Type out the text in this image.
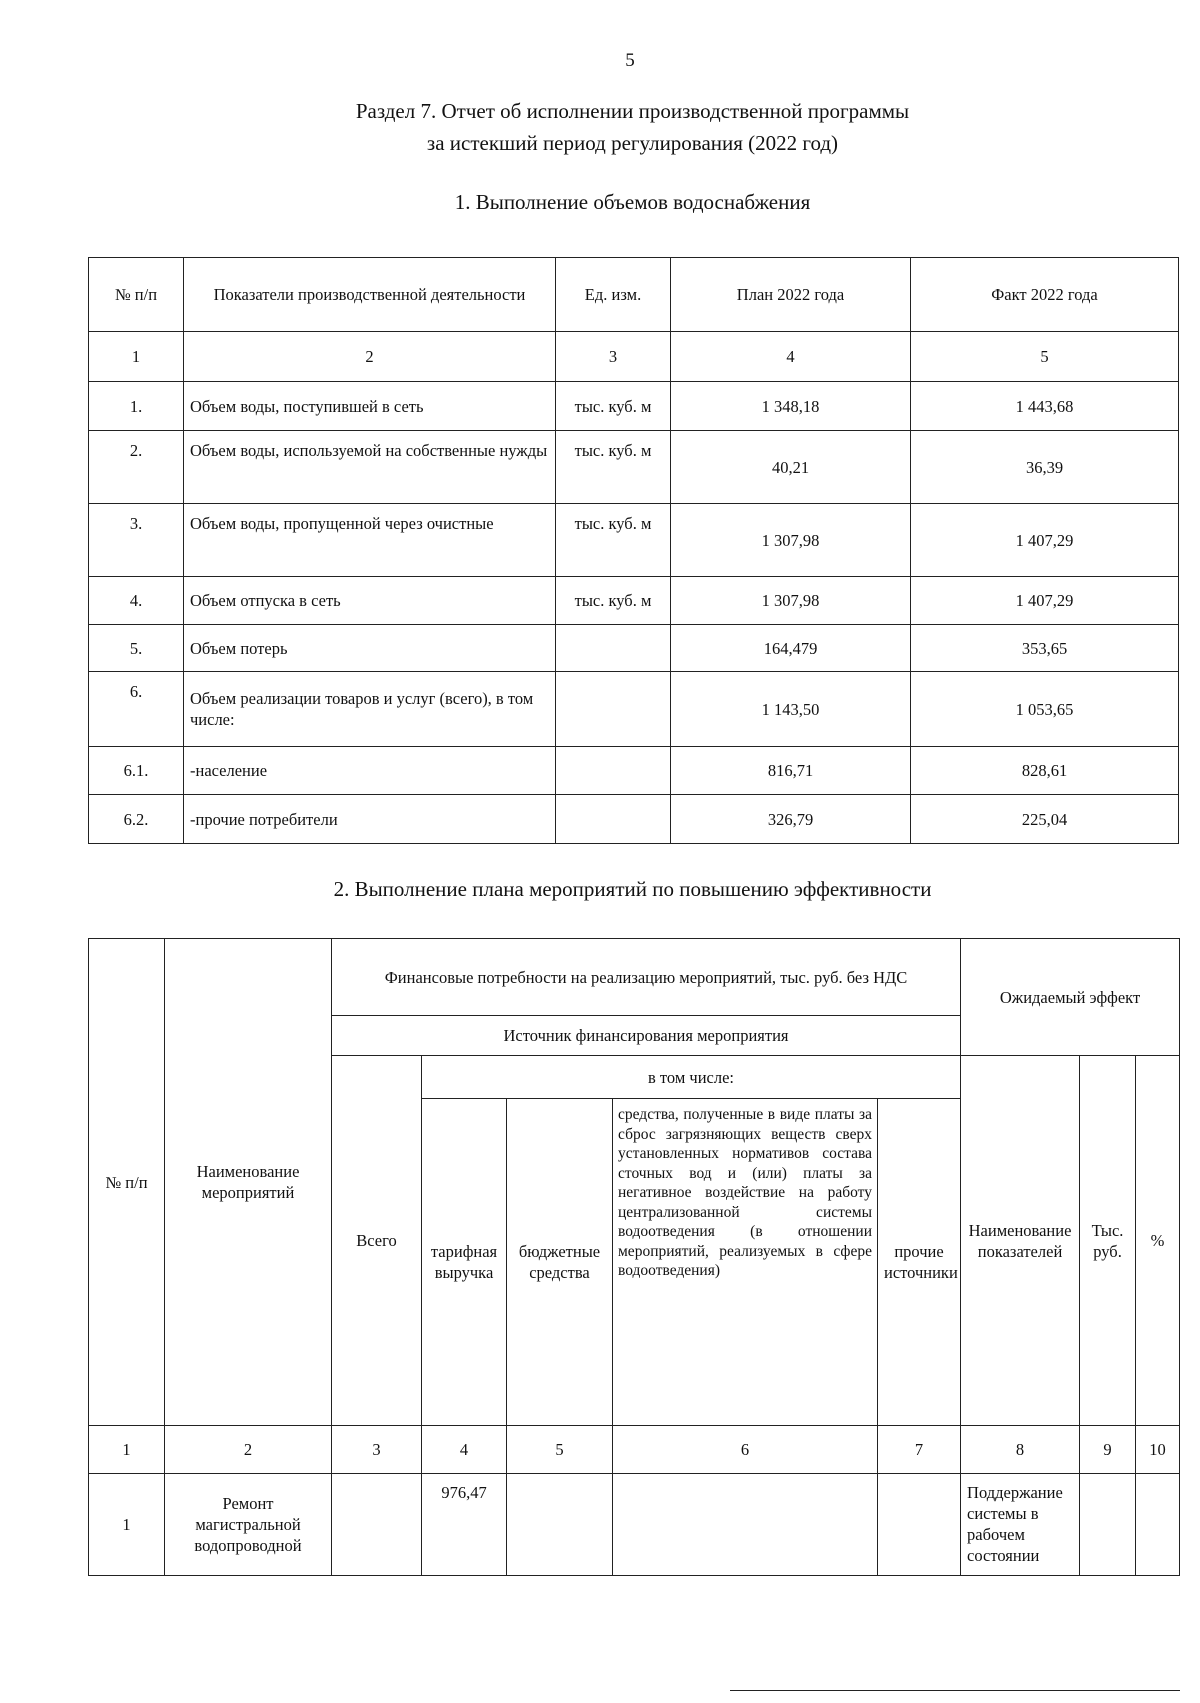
5
Раздел 7. Отчет об исполнении производственной программы
за истекший период регулирования (2022 год)
1. Выполнение объемов водоснабжения
№ п/п	Показатели производственной деятельности	Ед. изм.	План 2022 года	Факт 2022 года
1	2	3	4	5
1.	Объем воды, поступившей в сеть	тыс. куб. м	1 348,18	1 443,68
2.	Объем воды, используемой на собственные нужды	тыс. куб. м	40,21	36,39
3.	Объем воды, пропущенной через очистные	тыс. куб. м	1 307,98	1 407,29
4.	Объем отпуска в сеть	тыс. куб. м	1 307,98	1 407,29
5.	Объем потерь		164,479	353,65
6.	Объем реализации товаров и услуг (всего), в том числе:		1 143,50	1 053,65
6.1.	-население		816,71	828,61
6.2.	-прочие потребители		326,79	225,04
2. Выполнение плана мероприятий по повышению эффективности
№ п/п	Наименование мероприятий	Финансовые потребности на реализацию мероприятий, тыс. руб. без НДС					Ожидаемый эффект		
		Источник финансирования мероприятия							
		Всего	в том числе:				Наименование показателей	Тыс. руб.	%
			тарифная выручка	бюджетные средства	средства, полученные в виде платы за сброс загрязняющих веществ сверх установленных нормативов состава сточных вод и (или) платы за негативное воздействие на работу централизованной системы водоотведения (в отношении мероприятий, реализуемых в сфере водоотведения)	прочие источники			
1	2	3	4	5	6	7	8	9	10
1	Ремонт магистральной водопроводной		976,47				Поддержание системы в рабочем состоянии		
